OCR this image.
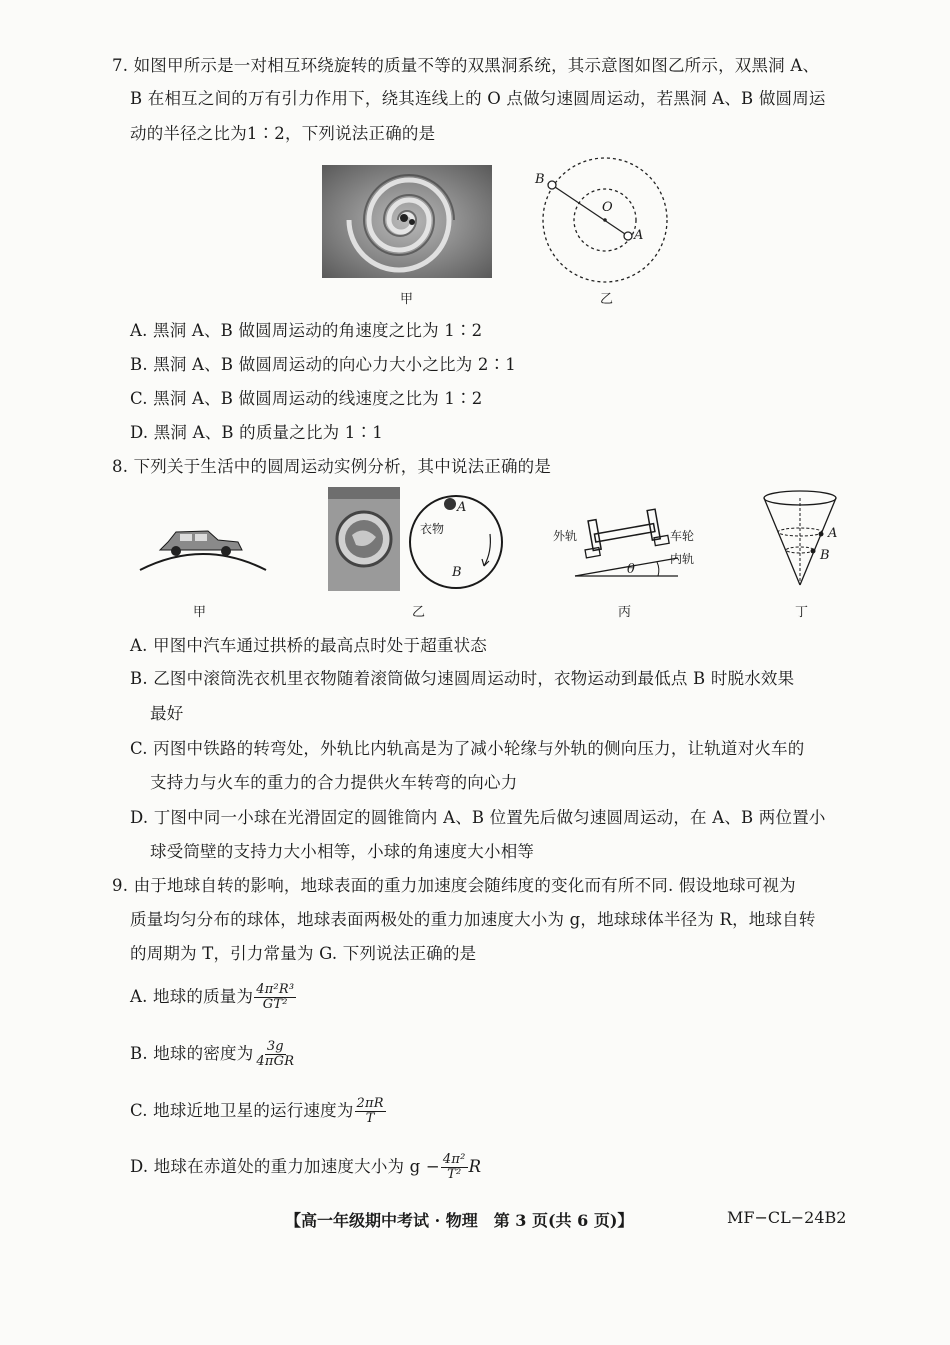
7. 如图甲所示是一对相互环绕旋转的质量不等的双黑洞系统，其示意图如图乙所示，双黑洞 A、
B 在相互之间的万有引力作用下，绕其连线上的 O 点做匀速圆周运动，若黑洞 A、B 做圆周运
动的半径之比为1∶2，下列说法正确的是
甲
B
A
O
乙
A. 黑洞 A、B 做圆周运动的角速度之比为 1∶2
B. 黑洞 A、B 做圆周运动的向心力大小之比为 2∶1
C. 黑洞 A、B 做圆周运动的线速度之比为 1∶2
D. 黑洞 A、B 的质量之比为 1∶1
8. 下列关于生活中的圆周运动实例分析，其中说法正确的是
甲
衣物
A
B
乙
外轨	车轮
内轨
θ
丙
A
B
丁
A. 甲图中汽车通过拱桥的最高点时处于超重状态
B. 乙图中滚筒洗衣机里衣物随着滚筒做匀速圆周运动时，衣物运动到最低点 B 时脱水效果
最好
C. 丙图中铁路的转弯处，外轨比内轨高是为了减小轮缘与外轨的侧向压力，让轨道对火车的
支持力与火车的重力的合力提供火车转弯的向心力
D. 丁图中同一小球在光滑固定的圆锥筒内 A、B 位置先后做匀速圆周运动，在 A、B 两位置小
球受筒壁的支持力大小相等，小球的角速度大小相等
9. 由于地球自转的影响，地球表面的重力加速度会随纬度的变化而有所不同. 假设地球可视为
质量均匀分布的球体，地球表面两极处的重力加速度大小为 g，地球球体半径为 R，地球自转
的周期为 T，引力常量为 G. 下列说法正确的是
A. 地球的质量为 $\frac{\text{4π²R³}}{\text{GT²}}$
B. 地球的密度为 $\frac{3g}{\text{4πGR}}$
C. 地球近地卫星的运行速度为 $\frac{2\pi R}{T}$
D. 地球在赤道处的重力加速度大小为 $g - \frac{\text{4π²}}{\text{T²}}$ R
【高一年级期中考试 · 物理　第 3 页(共 6 页)】	MF−CL−24B2
